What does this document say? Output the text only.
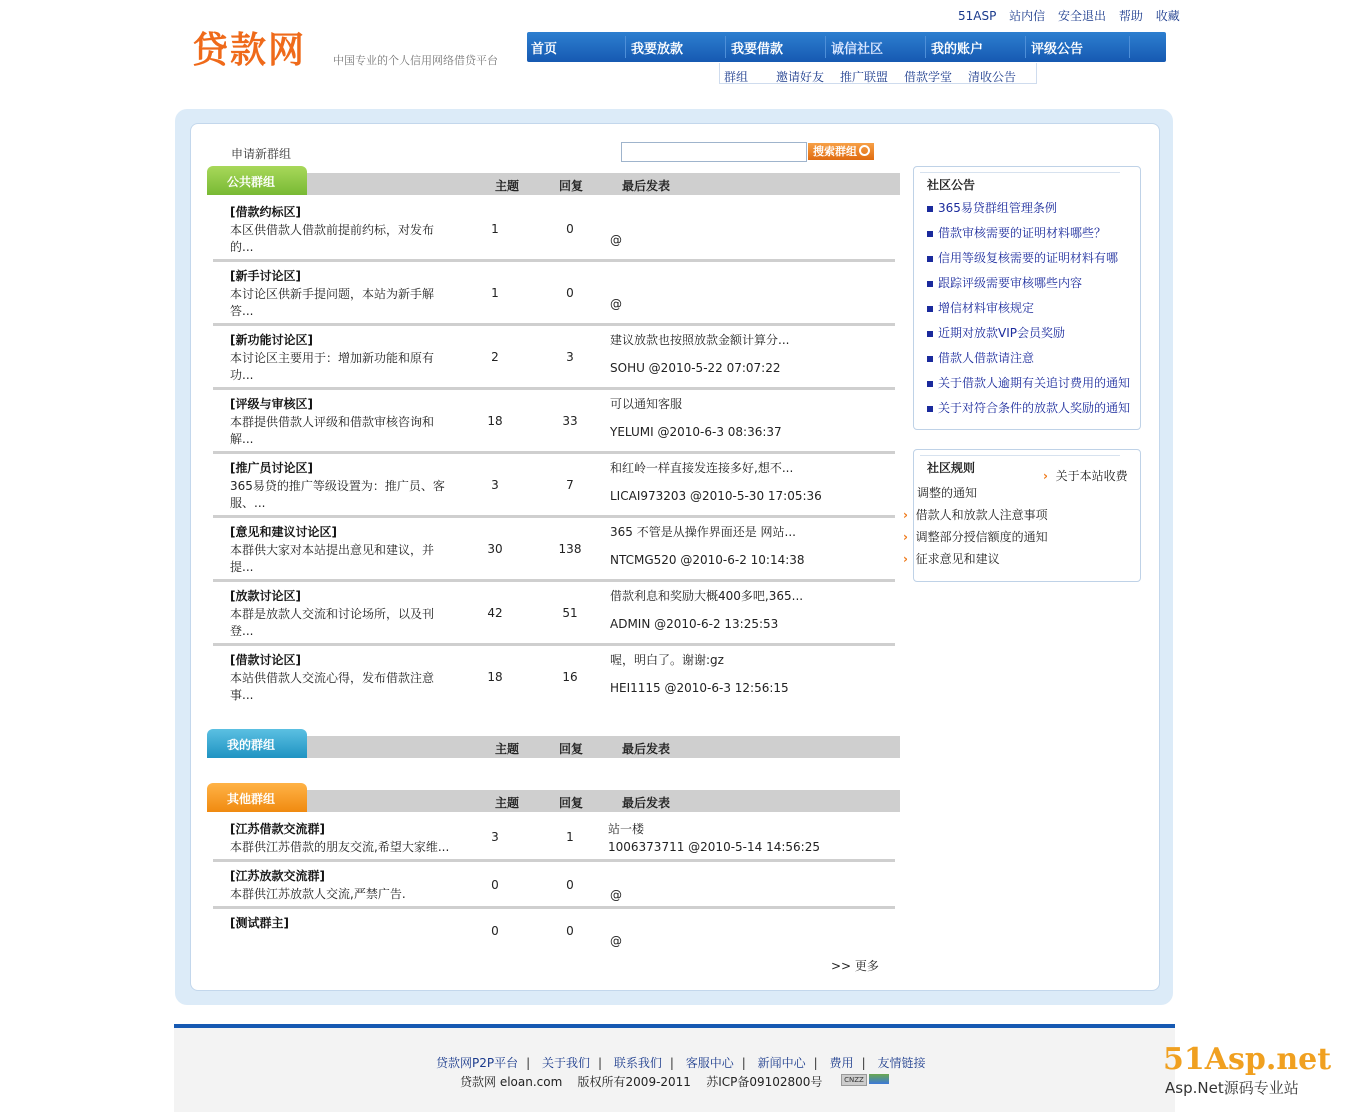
贷款网 中国专业的个人信用网络借贷平台
51ASP 站内信 安全退出 帮助 收藏
首页	我要放款	我要借款	诚信社区	我的账户	评级公告
群组 邀请好友 推广联盟 借款学堂 清收公告
申请新群组	搜索群组
公共群组	主题	回复	最后发表
[借款约标区]
本区供借款人借款前提前约标，对发布的...
1	0
@
[新手讨论区]
本讨论区供新手提问题，本站为新手解答...
1	0
@
[新功能讨论区]
本讨论区主要用于：增加新功能和原有功...
2	3
建议放款也按照放款金额计算分...
SOHU @2010-5-22 07:07:22
[评级与审核区]
本群提供借款人评级和借款审核咨询和解...
18	33
可以通知客服
YELUMI @2010-6-3 08:36:37
[推广员讨论区]
365易贷的推广等级设置为：推广员、客服、...
3	7
和红岭一样直接发连接多好,想不...
LICAI973203 @2010-5-30 17:05:36
[意见和建议讨论区]
本群供大家对本站提出意见和建议，并提...
30	138
365 不管是从操作界面还是 网站...
NTCMG520 @2010-6-2 10:14:38
[放款讨论区]
本群是放款人交流和讨论场所，以及刊登...
42	51
借款利息和奖励大概400多吧,365...
ADMIN @2010-6-2 13:25:53
[借款讨论区]
本站供借款人交流心得，发布借款注意事...
18	16
喔，明白了。谢谢:gz
HEI1115 @2010-6-3 12:56:15
我的群组	主题	回复	最后发表
其他群组	主题	回复	最后发表
[江苏借款交流群]
本群供江苏借款的朋友交流,希望大家维...
3	1
站一楼
1006373711 @2010-5-14 14:56:25
[江苏放款交流群]
本群供江苏放款人交流,严禁广告.
0	0
@
[测试群主]
0	0
@
>> 更多
社区公告
365易贷群组管理条例
借款审核需要的证明材料哪些？
信用等级复核需要的证明材料有哪
跟踪评级需要审核哪些内容
增信材料审核规定
近期对放款VIP会员奖励
借款人借款请注意
关于借款人逾期有关追讨费用的通知
关于对符合条件的放款人奖励的通知
社区规则
› 关于本站收费
调整的通知
› 借款人和放款人注意事项
› 调整部分授信额度的通知
› 征求意见和建议
贷款网P2P平台 | 关于我们 | 联系我们 | 客服中心 | 新闻中心 | 费用 | 友情链接
贷款网 eloan.com    版权所有2009-2011    苏ICP备09102800号	CNZZ
51Asp.net
Asp.Net源码专业站
